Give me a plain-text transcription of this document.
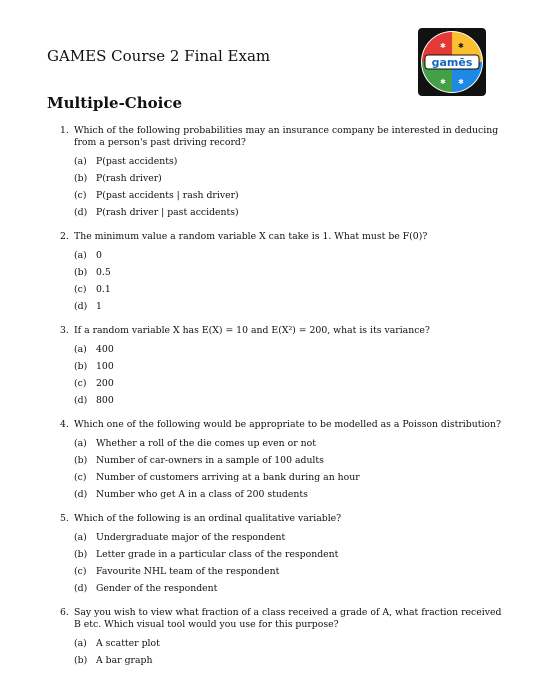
GAMES Course 2 Final Exam
✱ ✱
✱ ✱
gamēs
Multiple-Choice
1. Which of the following probabilities may an insurance company be interested in deducing from a person's past driving record?
(a) P(past accidents)
(b) P(rash driver)
(c) P(past accidents | rash driver)
(d) P(rash driver | past accidents)
2. The minimum value a random variable X can take is 1. What must be F(0)?
(a) 0
(b) 0.5
(c) 0.1
(d) 1
3. If a random variable X has E(X) = 10 and E(X²) = 200, what is its variance?
(a) 400
(b) 100
(c) 200
(d) 800
4. Which one of the following would be appropriate to be modelled as a Poisson distribution?
(a) Whether a roll of the die comes up even or not
(b) Number of car-owners in a sample of 100 adults
(c) Number of customers arriving at a bank during an hour
(d) Number who get A in a class of 200 students
5. Which of the following is an ordinal qualitative variable?
(a) Undergraduate major of the respondent
(b) Letter grade in a particular class of the respondent
(c) Favourite NHL team of the respondent
(d) Gender of the respondent
6. Say you wish to view what fraction of a class received a grade of A, what fraction received B etc. Which visual tool would you use for this purpose?
(a) A scatter plot
(b) A bar graph
